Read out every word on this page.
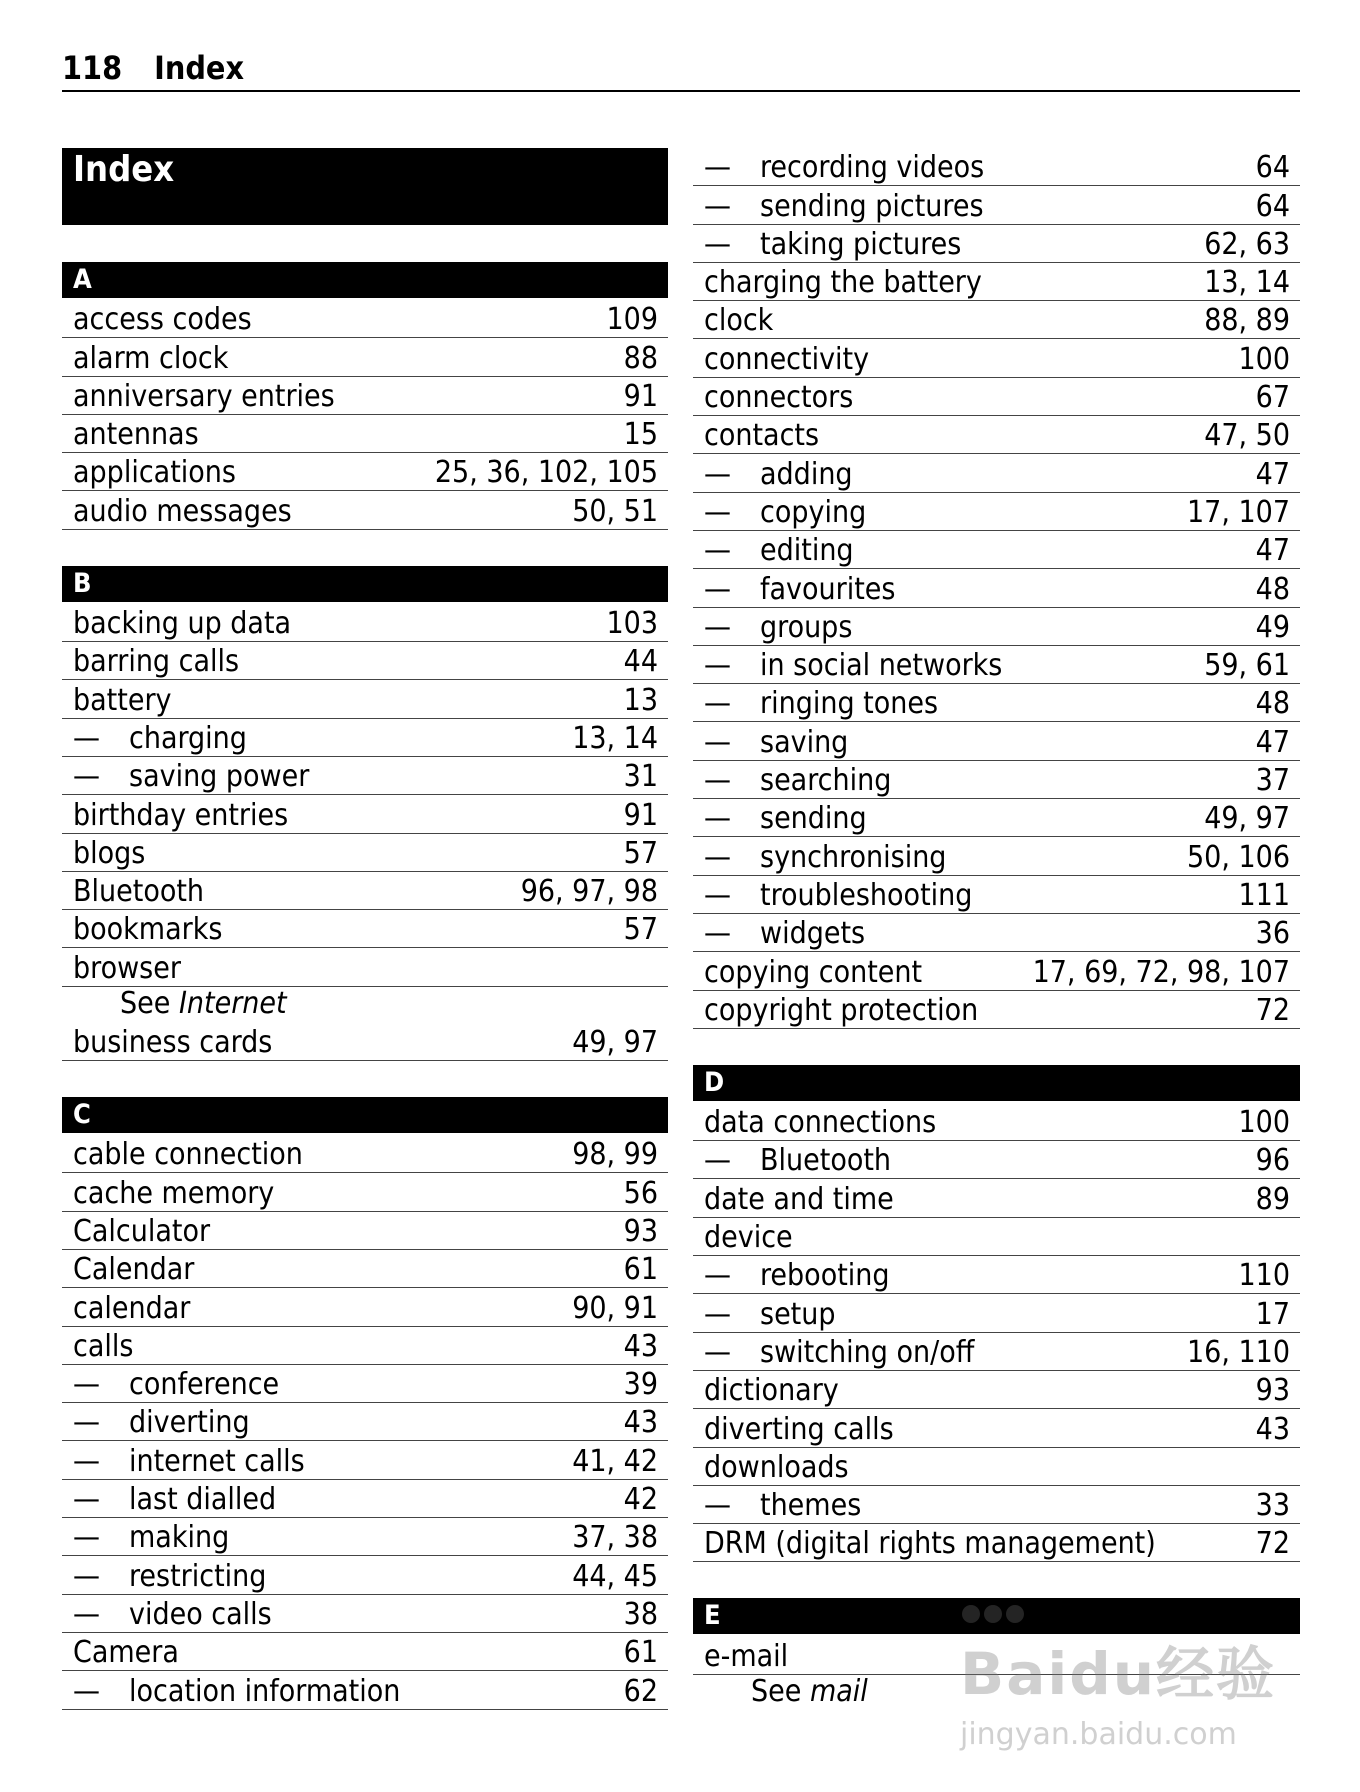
118 Index
Index
A
access codes	109
alarm clock	88
anniversary entries	91
antennas	15
applications	25, 36, 102, 105
audio messages	50, 51
B
backing up data	103
barring calls	44
battery	13
— charging	13, 14
— saving power	31
birthday entries	91
blogs	57
Bluetooth	96, 97, 98
bookmarks	57
browser
See Internet
business cards	49, 97
C
cable connection	98, 99
cache memory	56
Calculator	93
Calendar	61
calendar	90, 91
calls	43
— conference	39
— diverting	43
— internet calls	41, 42
— last dialled	42
— making	37, 38
— restricting	44, 45
— video calls	38
Camera	61
— location information	62
— recording videos	64
— sending pictures	64
— taking pictures	62, 63
charging the battery	13, 14
clock	88, 89
connectivity	100
connectors	67
contacts	47, 50
— adding	47
— copying	17, 107
— editing	47
— favourites	48
— groups	49
— in social networks	59, 61
— ringing tones	48
— saving	47
— searching	37
— sending	49, 97
— synchronising	50, 106
— troubleshooting	111
— widgets	36
copying content	17, 69, 72, 98, 107
copyright protection	72
D
data connections	100
— Bluetooth	96
date and time	89
device
— rebooting	110
— setup	17
— switching on/off	16, 110
dictionary	93
diverting calls	43
downloads
— themes	33
DRM (digital rights management)	72
E
e-mail
See mail	Baidu经验
jingyan.baidu.com
